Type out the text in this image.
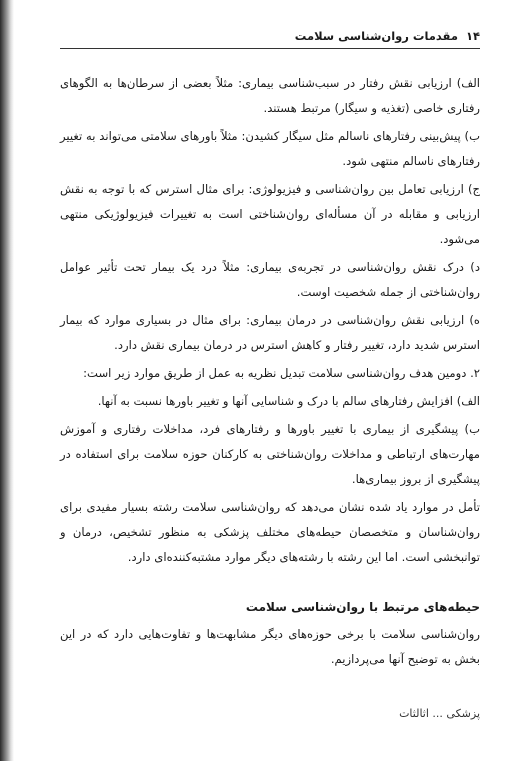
۱۴
مقدمات روان‌شناسی سلامت

الف) ارزیابی نقش رفتار در سبب‌شناسی بیماری: مثلاً بعضی از سرطان‌ها به الگوهای رفتاری خاصی (تغذیه و سیگار) مرتبط هستند.

ب) پیش‌بینی رفتارهای ناسالم مثل سیگار کشیدن: مثلاً باورهای سلامتی می‌تواند به تغییر رفتارهای ناسالم منتهی شود.

ج) ارزیابی تعامل بین روان‌شناسی و فیزیولوژی: برای مثال استرس که با توجه به نقش ارزیابی و مقابله در آن مسأله‌ای روان‌شناختی است به تغییرات فیزیولوژیکی منتهی می‌شود.

د) درک نقش روان‌شناسی در تجربه‌ی بیماری: مثلاً درد یک بیمار تحت تأثیر عوامل روان‌شناختی از جمله شخصیت اوست.

ه) ارزیابی نقش روان‌شناسی در درمان بیماری: برای مثال در بسیاری موارد که بیمار استرس شدید دارد، تغییر رفتار و کاهش استرس در درمان بیماری نقش دارد.

۲. دومین هدف روان‌شناسی سلامت تبدیل نظریه به عمل از طریق موارد زیر است:

الف) افزایش رفتارهای سالم با درک و شناسایی آنها و تغییر باورها نسبت به آنها.

ب) پیشگیری از بیماری با تغییر باورها و رفتارهای فرد، مداخلات رفتاری و آموزش مهارت‌های ارتباطی و مداخلات روان‌شناختی به کارکنان حوزه سلامت برای استفاده در پیشگیری از بروز بیماری‌ها.

تأمل در موارد یاد شده نشان می‌دهد که روان‌شناسی سلامت رشته بسیار مفیدی برای روان‌شناسان و متخصصان حیطه‌های مختلف پزشکی به منظور تشخیص، درمان و توانبخشی است. اما این رشته با رشته‌های دیگر موارد مشتبه‌کننده‌ای دارد.

حیطه‌های مرتبط با روان‌شناسی سلامت

روان‌شناسی سلامت با برخی حوزه‌های دیگر مشابهت‌ها و تفاوت‌هایی دارد که در این بخش به توضیح آنها می‌پردازیم.

پزشکی ... اثالثات
